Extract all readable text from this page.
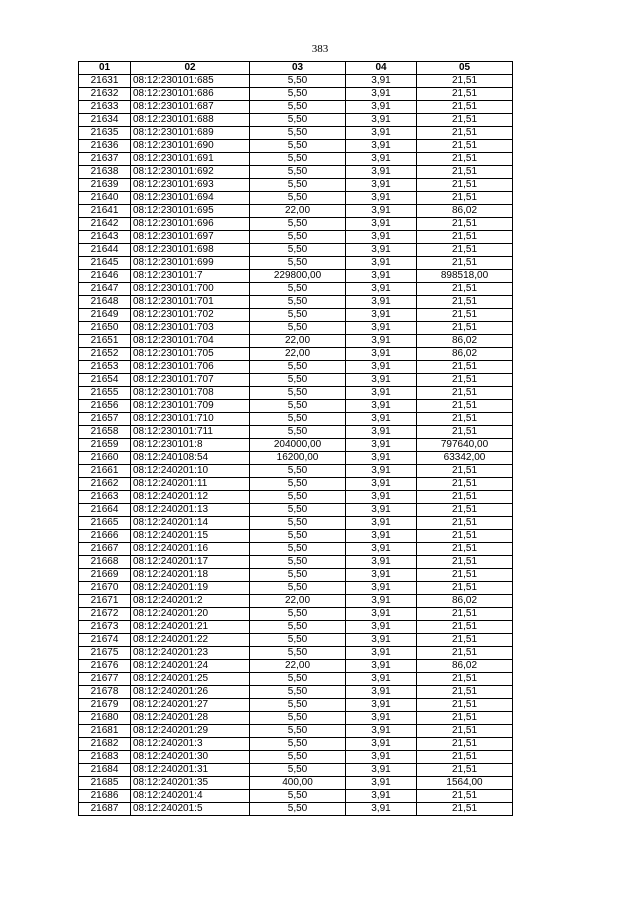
383
01	02	03	04	05
21631	08:12:230101:685	5,50	3,91	21,51
21632	08:12:230101:686	5,50	3,91	21,51
21633	08:12:230101:687	5,50	3,91	21,51
21634	08:12:230101:688	5,50	3,91	21,51
21635	08:12:230101:689	5,50	3,91	21,51
21636	08:12:230101:690	5,50	3,91	21,51
21637	08:12:230101:691	5,50	3,91	21,51
21638	08:12:230101:692	5,50	3,91	21,51
21639	08:12:230101:693	5,50	3,91	21,51
21640	08:12:230101:694	5,50	3,91	21,51
21641	08:12:230101:695	22,00	3,91	86,02
21642	08:12:230101:696	5,50	3,91	21,51
21643	08:12:230101:697	5,50	3,91	21,51
21644	08:12:230101:698	5,50	3,91	21,51
21645	08:12:230101:699	5,50	3,91	21,51
21646	08:12:230101:7	229800,00	3,91	898518,00
21647	08:12:230101:700	5,50	3,91	21,51
21648	08:12:230101:701	5,50	3,91	21,51
21649	08:12:230101:702	5,50	3,91	21,51
21650	08:12:230101:703	5,50	3,91	21,51
21651	08:12:230101:704	22,00	3,91	86,02
21652	08:12:230101:705	22,00	3,91	86,02
21653	08:12:230101:706	5,50	3,91	21,51
21654	08:12:230101:707	5,50	3,91	21,51
21655	08:12:230101:708	5,50	3,91	21,51
21656	08:12:230101:709	5,50	3,91	21,51
21657	08:12:230101:710	5,50	3,91	21,51
21658	08:12:230101:711	5,50	3,91	21,51
21659	08:12:230101:8	204000,00	3,91	797640,00
21660	08:12:240108:54	16200,00	3,91	63342,00
21661	08:12:240201:10	5,50	3,91	21,51
21662	08:12:240201:11	5,50	3,91	21,51
21663	08:12:240201:12	5,50	3,91	21,51
21664	08:12:240201:13	5,50	3,91	21,51
21665	08:12:240201:14	5,50	3,91	21,51
21666	08:12:240201:15	5,50	3,91	21,51
21667	08:12:240201:16	5,50	3,91	21,51
21668	08:12:240201:17	5,50	3,91	21,51
21669	08:12:240201:18	5,50	3,91	21,51
21670	08:12:240201:19	5,50	3,91	21,51
21671	08:12:240201:2	22,00	3,91	86,02
21672	08:12:240201:20	5,50	3,91	21,51
21673	08:12:240201:21	5,50	3,91	21,51
21674	08:12:240201:22	5,50	3,91	21,51
21675	08:12:240201:23	5,50	3,91	21,51
21676	08:12:240201:24	22,00	3,91	86,02
21677	08:12:240201:25	5,50	3,91	21,51
21678	08:12:240201:26	5,50	3,91	21,51
21679	08:12:240201:27	5,50	3,91	21,51
21680	08:12:240201:28	5,50	3,91	21,51
21681	08:12:240201:29	5,50	3,91	21,51
21682	08:12:240201:3	5,50	3,91	21,51
21683	08:12:240201:30	5,50	3,91	21,51
21684	08:12:240201:31	5,50	3,91	21,51
21685	08:12:240201:35	400,00	3,91	1564,00
21686	08:12:240201:4	5,50	3,91	21,51
21687	08:12:240201:5	5,50	3,91	21,51
